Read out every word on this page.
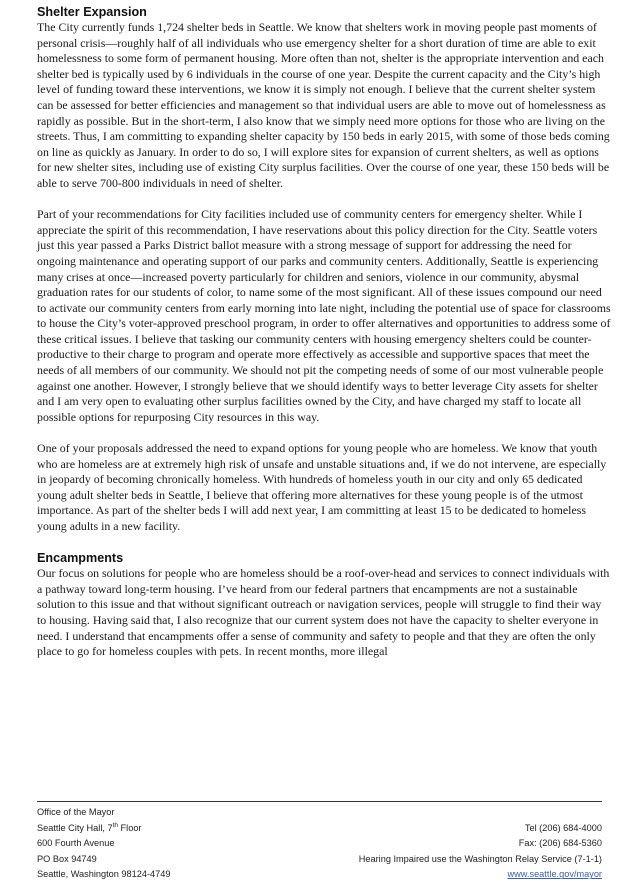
Shelter Expansion

The City currently funds 1,724 shelter beds in Seattle. We know that shelters work in moving people past moments of personal crisis—roughly half of all individuals who use emergency shelter for a short duration of time are able to exit homelessness to some form of permanent housing. More often than not, shelter is the appropriate intervention and each shelter bed is typically used by 6 individuals in the course of one year. Despite the current capacity and the City’s high level of funding toward these interventions, we know it is simply not enough. I believe that the current shelter system can be assessed for better efficiencies and management so that individual users are able to move out of homelessness as rapidly as possible. But in the short-term, I also know that we simply need more options for those who are living on the streets. Thus, I am committing to expanding shelter capacity by 150 beds in early 2015, with some of those beds coming on line as quickly as January. In order to do so, I will explore sites for expansion of current shelters, as well as options for new shelter sites, including use of existing City surplus facilities. Over the course of one year, these 150 beds will be able to serve 700-800 individuals in need of shelter.

Part of your recommendations for City facilities included use of community centers for emergency shelter. While I appreciate the spirit of this recommendation, I have reservations about this policy direction for the City. Seattle voters just this year passed a Parks District ballot measure with a strong message of support for addressing the need for ongoing maintenance and operating support of our parks and community centers. Additionally, Seattle is experiencing many crises at once—increased poverty particularly for children and seniors, violence in our community, abysmal graduation rates for our students of color, to name some of the most significant. All of these issues compound our need to activate our community centers from early morning into late night, including the potential use of space for classrooms to house the City’s voter-approved preschool program, in order to offer alternatives and opportunities to address some of these critical issues. I believe that tasking our community centers with housing emergency shelters could be counter-productive to their charge to program and operate more effectively as accessible and supportive spaces that meet the needs of all members of our community. We should not pit the competing needs of some of our most vulnerable people against one another. However, I strongly believe that we should identify ways to better leverage City assets for shelter and I am very open to evaluating other surplus facilities owned by the City, and have charged my staff to locate all possible options for repurposing City resources in this way.

One of your proposals addressed the need to expand options for young people who are homeless. We know that youth who are homeless are at extremely high risk of unsafe and unstable situations and, if we do not intervene, are especially in jeopardy of becoming chronically homeless. With hundreds of homeless youth in our city and only 65 dedicated young adult shelter beds in Seattle, I believe that offering more alternatives for these young people is of the utmost importance. As part of the shelter beds I will add next year, I am committing at least 15 to be dedicated to homeless young adults in a new facility.

Encampments

Our focus on solutions for people who are homeless should be a roof-over-head and services to connect individuals with a pathway toward long-term housing. I’ve heard from our federal partners that encampments are not a sustainable solution to this issue and that without significant outreach or navigation services, people will struggle to find their way to housing. Having said that, I also recognize that our current system does not have the capacity to shelter everyone in need. I understand that encampments offer a sense of community and safety to people and that they are often the only place to go for homeless couples with pets. In recent months, more illegal

Office of the Mayor
Seattle City Hall, 7th Floor
600 Fourth Avenue
PO Box 94749
Seattle, Washington 98124-4749

Tel (206) 684-4000
Fax: (206) 684-5360
Hearing Impaired use the Washington Relay Service (7-1-1)
www.seattle.gov/mayor
